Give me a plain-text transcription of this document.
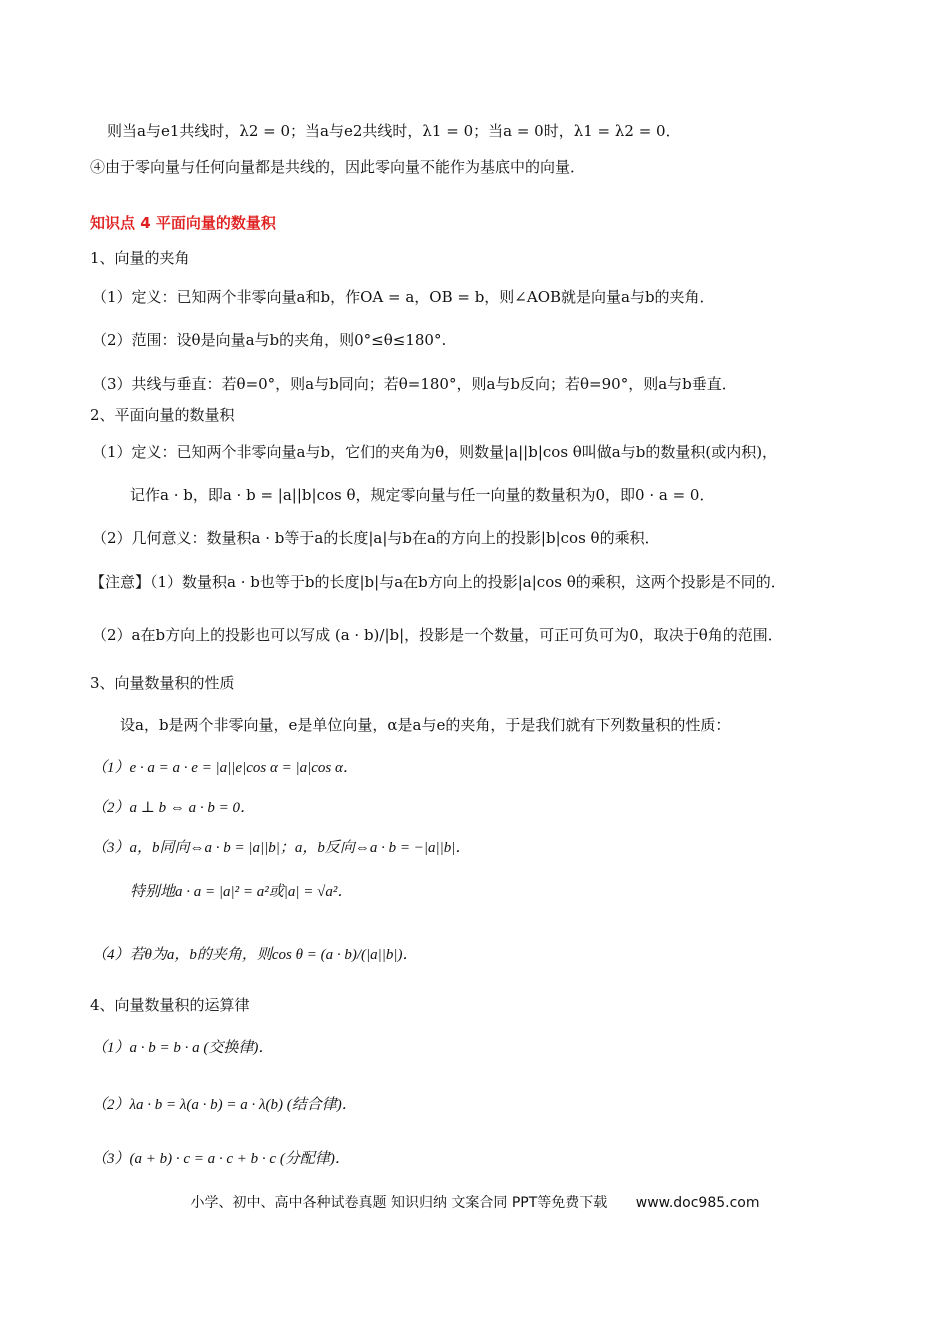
则当a与e1共线时，λ2 = 0；当a与e2共线时，λ1 = 0；当a = 0时，λ1 = λ2 = 0．
④由于零向量与任何向量都是共线的，因此零向量不能作为基底中的向量．
知识点 4 平面向量的数量积
1、向量的夹角
（1）定义：已知两个非零向量a和b，作OA = a，OB = b，则∠AOB就是向量a与b的夹角．
（2）范围：设θ是向量a与b的夹角，则0°≤θ≤180°.
（3）共线与垂直：若θ=0°，则a与b同向；若θ=180°，则a与b反向；若θ=90°，则a与b垂直．
2、平面向量的数量积
（1）定义：已知两个非零向量a与b，它们的夹角为θ，则数量|a||b|cos θ叫做a与b的数量积(或内积)，
记作a · b，即a · b = |a||b|cos θ，规定零向量与任一向量的数量积为0，即0 · a = 0．
（2）几何意义：数量积a · b等于a的长度|a|与b在a的方向上的投影|b|cos θ的乘积．
【注意】（1）数量积a · b也等于b的长度|b|与a在b方向上的投影|a|cos θ的乘积，这两个投影是不同的．
（2）a在b方向上的投影也可以写成 (a · b)/|b|，投影是一个数量，可正可负可为0，取决于θ角的范围．
3、向量数量积的性质
设a，b是两个非零向量，e是单位向量，α是a与e的夹角，于是我们就有下列数量积的性质：
（1）e · a = a · e = |a||e|cos α = |a|cos α．
（2）a ⊥ b ⇔ a · b = 0．
（3）a，b同向⇔a · b = |a||b|；a，b反向⇔a · b = −|a||b|．
特别地a · a = |a|² = a²或|a| = √a²．
（4）若θ为a，b的夹角，则cos θ = (a · b)/(|a||b|)．
4、向量数量积的运算律
（1）a · b = b · a (交换律)．
（2）λa · b = λ(a · b) = a · λ(b) (结合律)．
（3）(a + b) · c = a · c + b · c (分配律)．
小学、初中、高中各种试卷真题 知识归纳 文案合同 PPT等免费下载 www.doc985.com
